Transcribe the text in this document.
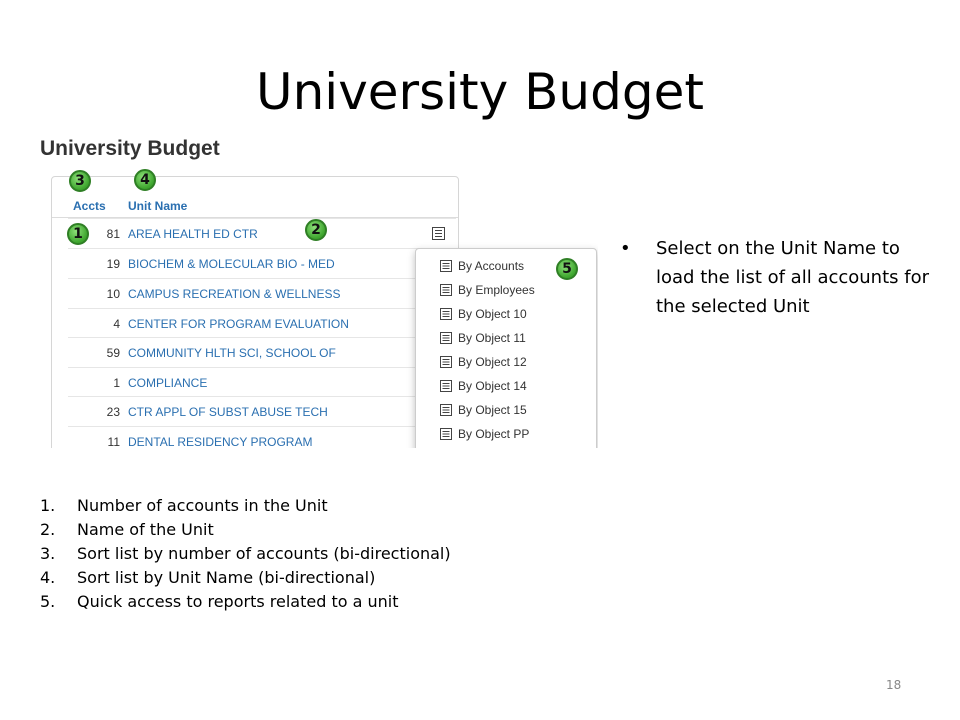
University Budget
University Budget
Accts Unit Name
81 AREA HEALTH ED CTR
19 BIOCHEM & MOLECULAR BIO - MED
10 CAMPUS RECREATION & WELLNESS
4 CENTER FOR PROGRAM EVALUATION
59 COMMUNITY HLTH SCI, SCHOOL OF
1 COMPLIANCE
23 CTR APPL OF SUBST ABUSE TECH
11 DENTAL RESIDENCY PROGRAM
By Accounts
By Employees
By Object 10
By Object 11
By Object 12
By Object 14
By Object 15
By Object PP
3	4
1	2
5
• Select on the Unit Name to load the list of all accounts for the selected Unit
1. Number of accounts in the Unit
2. Name of the Unit
3. Sort list by number of accounts (bi-directional)
4. Sort list by Unit Name (bi-directional)
5. Quick access to reports related to a unit
18
